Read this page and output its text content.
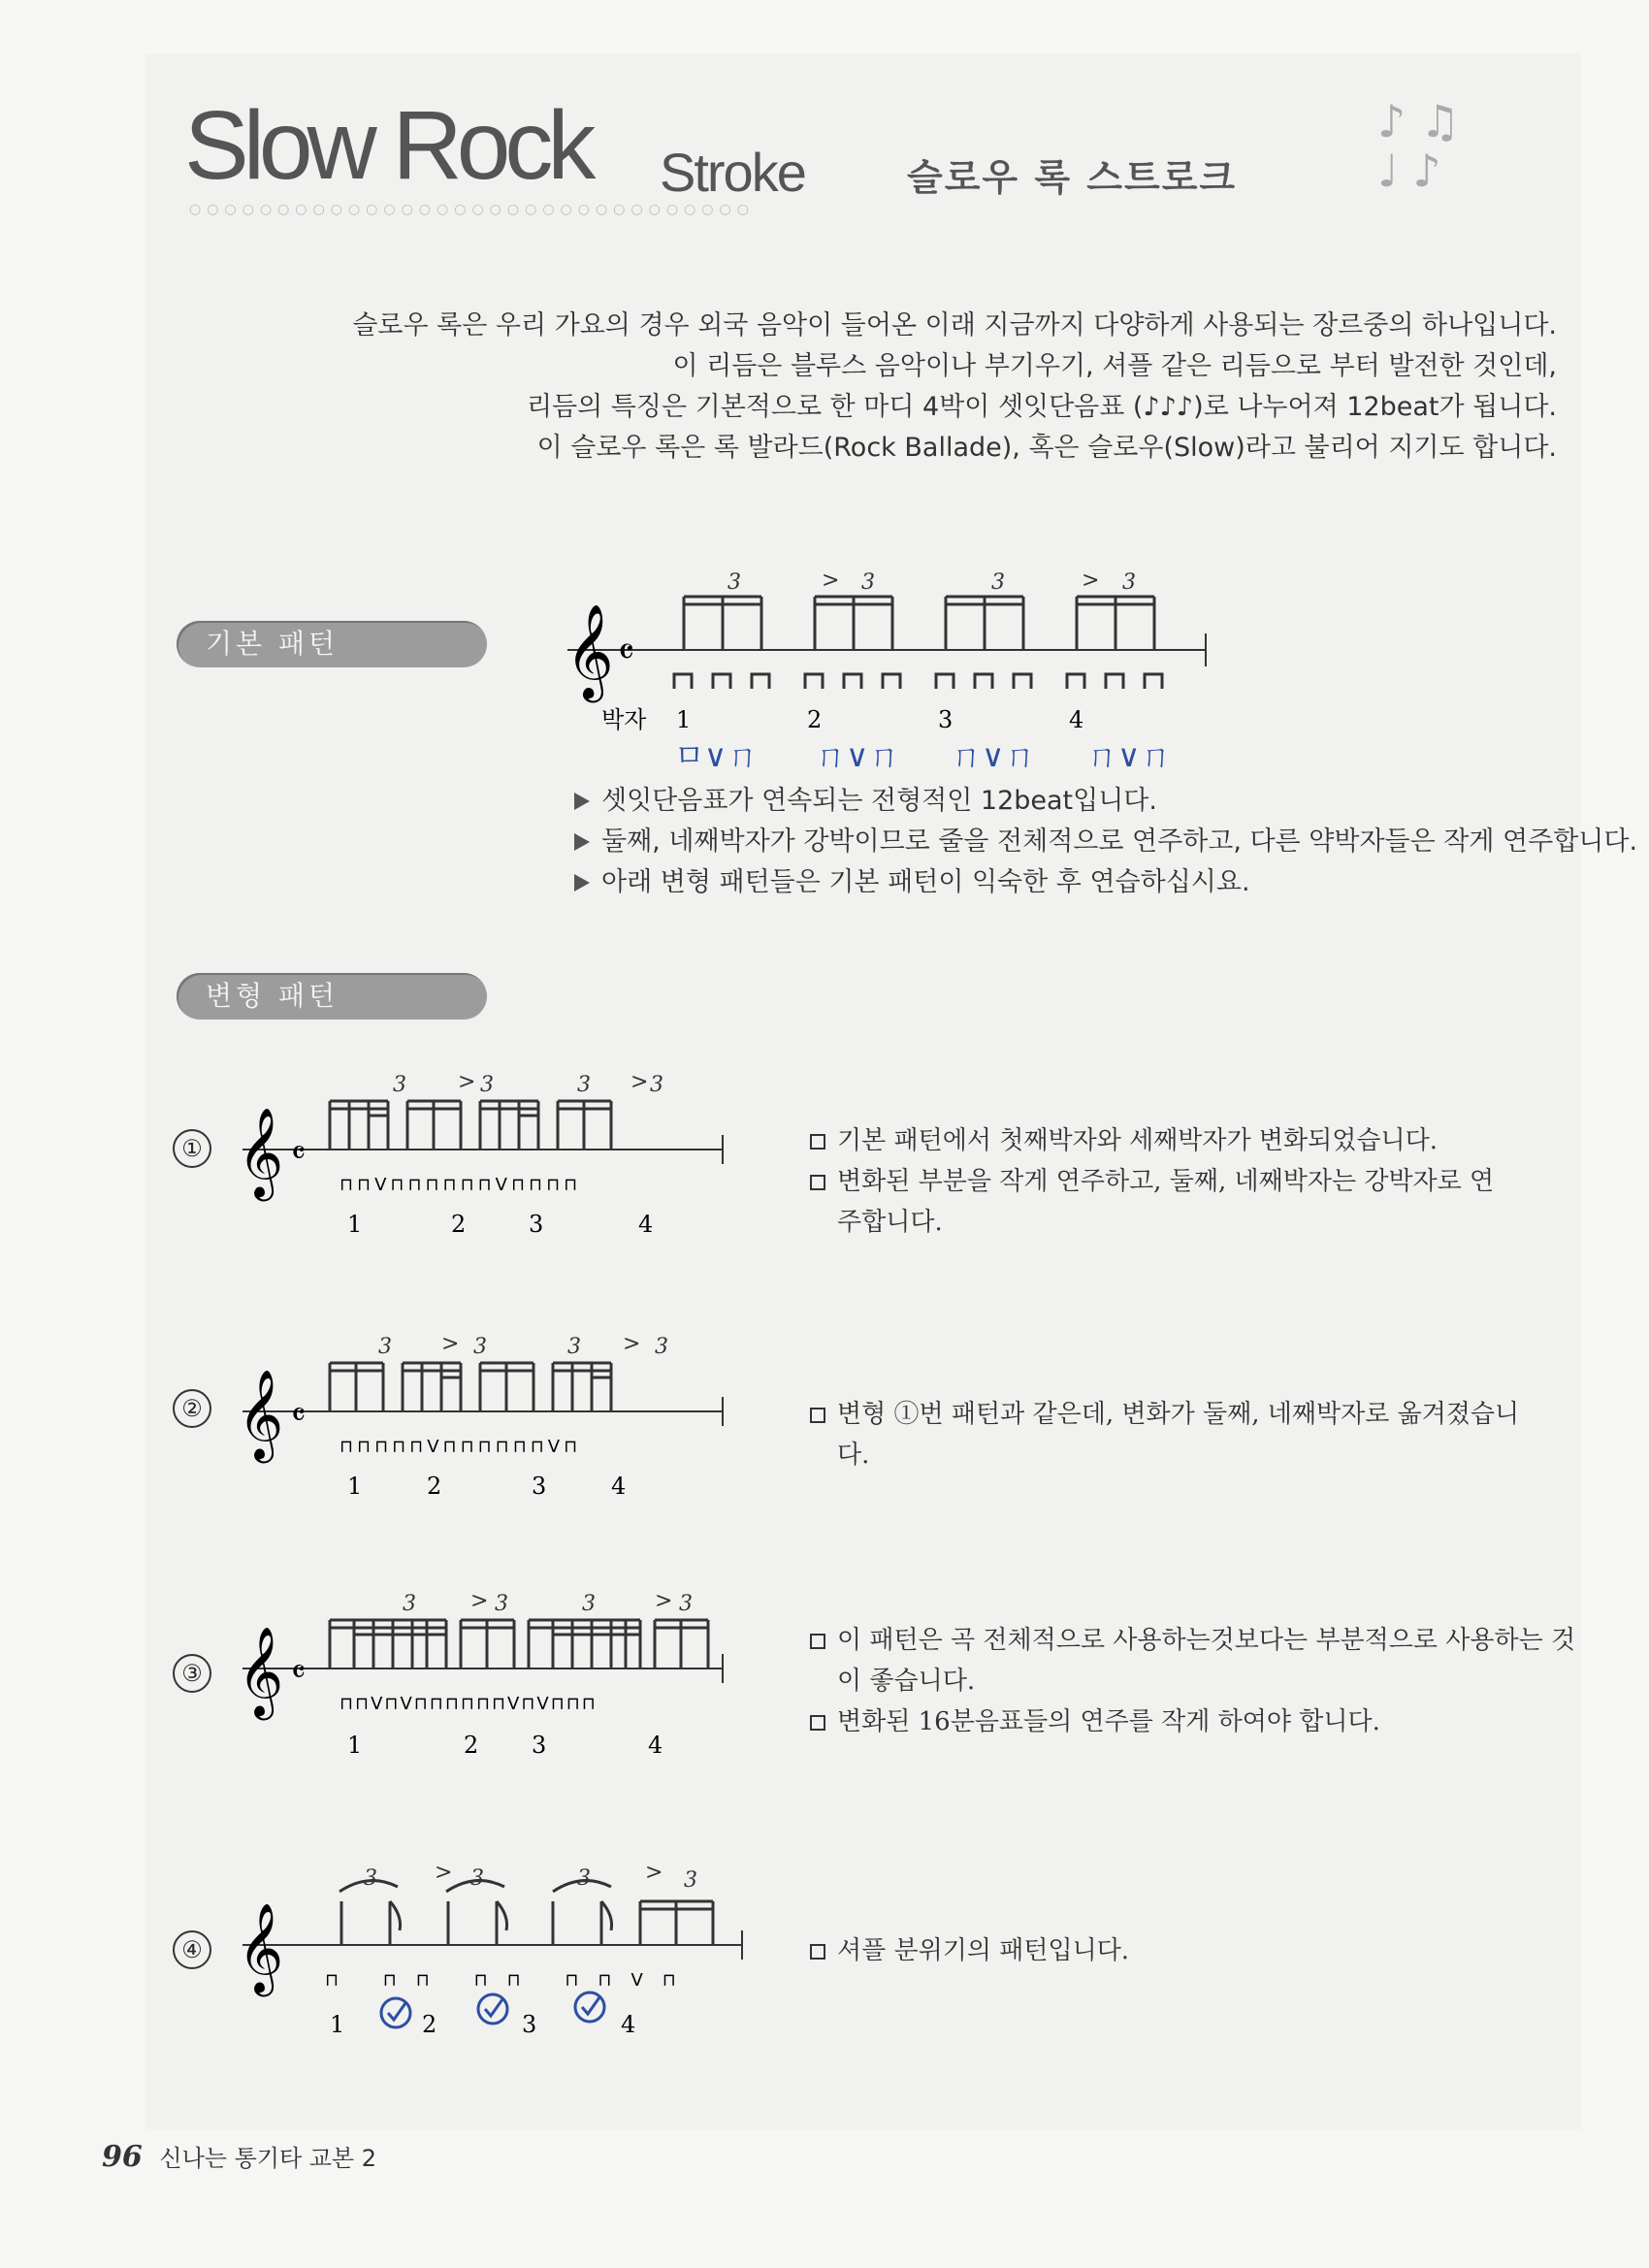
Slow Rock Stroke	슬로우 록 스트로크
○○○○○○○○○○○○○○○○○○○○○○○○○○○○○○○○
♪ ♫
♩ ♪

슬로우 록은 우리 가요의 경우 외국 음악이 들어온 이래 지금까지 다양하게 사용되는 장르중의 하나입니다.

이 리듬은 블루스 음악이나 부기우기, 셔플 같은 리듬으로 부터 발전한 것인데,

리듬의 특징은 기본적으로 한 마디 4박이 셋잇단음표 (♪♪♪)로 나누어져 12beat가 됩니다.

이 슬로우 록은 록 발라드(Rock Ballade), 혹은 슬로우(Slow)라고 불리어 지기도 합니다.

기본 패턴	𝄞 𝄴
3	3	3	3
>	>
박자 1	2	3	4
ㅁ∨ㄇ ㄇ∨ㄇ ㄇ∨ㄇ ㄇ∨ㄇ
셋잇단음표가 연속되는 전형적인 12beat입니다.
둘째, 네째박자가 강박이므로 줄을 전체적으로 연주하고, 다른 약박자들은 작게 연주합니다.
아래 변형 패턴들은 기본 패턴이 익숙한 후 연습하십시요.
변형 패턴
① 𝄞 𝄴
3	3	3	3
>	>
⊓⊓V⊓⊓⊓⊓⊓⊓V⊓⊓⊓⊓
1	2	3	4
기본 패턴에서 첫째박자와 세째박자가 변화되었습니다.
변화된 부분을 작게 연주하고, 둘째, 네째박자는 강박자로 연주합니다.
② 𝄞 𝄴
3	3	3	3
>	>
⊓⊓⊓⊓⊓V⊓⊓⊓⊓⊓⊓V⊓
1	2	3	4
변형 ①번 패턴과 같은데, 변화가 둘째, 네째박자로 옮겨졌습니다.
③ 𝄞 𝄴
3	3	3	3
>	>
⊓⊓V⊓V⊓⊓⊓⊓⊓⊓V⊓V⊓⊓⊓
1	2 3	4
이 패턴은 곡 전체적으로 사용하는것보다는 부분적으로 사용하는 것이 좋습니다.
변화된 16분음표들의 연주를 작게 하여야 합니다.
④ 𝄞
3	3	3	3
>	>
⊓ ⊓⊓ ⊓⊓ ⊓⊓V⊓
1	2	3	4
셔플 분위기의 패턴입니다.
96 신나는 통기타 교본 2
